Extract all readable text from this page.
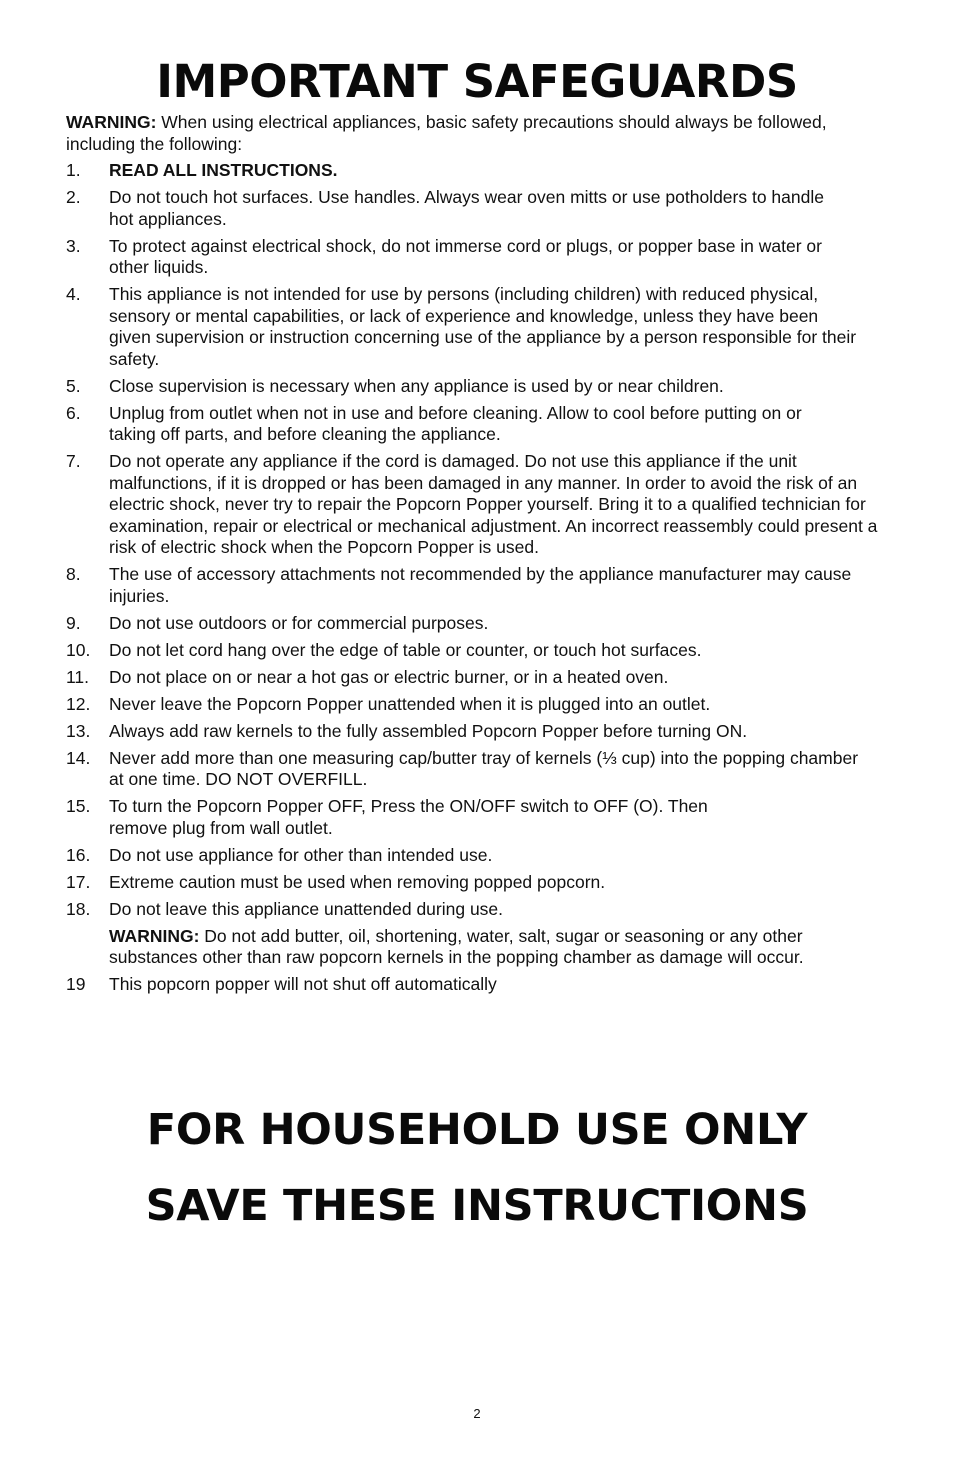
IMPORTANT SAFEGUARDS

WARNING: When using electrical appliances, basic safety precautions should always be followed, including the following:

1. READ ALL INSTRUCTIONS.
2. Do not touch hot surfaces. Use handles. Always wear oven mitts or use potholders to handle hot appliances.
3. To protect against electrical shock, do not immerse cord or plugs, or popper base in water or other liquids.
4. This appliance is not intended for use by persons (including children) with reduced physical, sensory or mental capabilities, or lack of experience and knowledge, unless they have been given supervision or instruction concerning use of the appliance by a person responsible for their safety.
5. Close supervision is necessary when any appliance is used by or near children.
6. Unplug from outlet when not in use and before cleaning. Allow to cool before putting on or taking off parts, and before cleaning the appliance.
7. Do not operate any appliance if the cord is damaged. Do not use this appliance if the unit malfunctions, if it is dropped or has been damaged in any manner. In order to avoid the risk of an electric shock, never try to repair the Popcorn Popper yourself. Bring it to a qualified technician for examination, repair or electrical or mechanical adjustment. An incorrect reassembly could present a risk of electric shock when the Popcorn Popper is used.
8. The use of accessory attachments not recommended by the appliance manufacturer may cause injuries.
9. Do not use outdoors or for commercial purposes.
10. Do not let cord hang over the edge of table or counter, or touch hot surfaces.
11. Do not place on or near a hot gas or electric burner, or in a heated oven.
12. Never leave the Popcorn Popper unattended when it is plugged into an outlet.
13. Always add raw kernels to the fully assembled Popcorn Popper before turning ON.
14. Never add more than one measuring cap/butter tray of kernels (⅓ cup) into the popping chamber at one time. DO NOT OVERFILL.
15. To turn the Popcorn Popper OFF, Press the ON/OFF switch to OFF (O). Then remove plug from wall outlet.
16. Do not use appliance for other than intended use.
17. Extreme caution must be used when removing popped popcorn.
18. Do not leave this appliance unattended during use.
WARNING: Do not add butter, oil, shortening, water, salt, sugar or seasoning or any other substances other than raw popcorn kernels in the popping chamber as damage will occur.
19 This popcorn popper will not shut off automatically
FOR HOUSEHOLD USE ONLY
SAVE THESE INSTRUCTIONS
2
